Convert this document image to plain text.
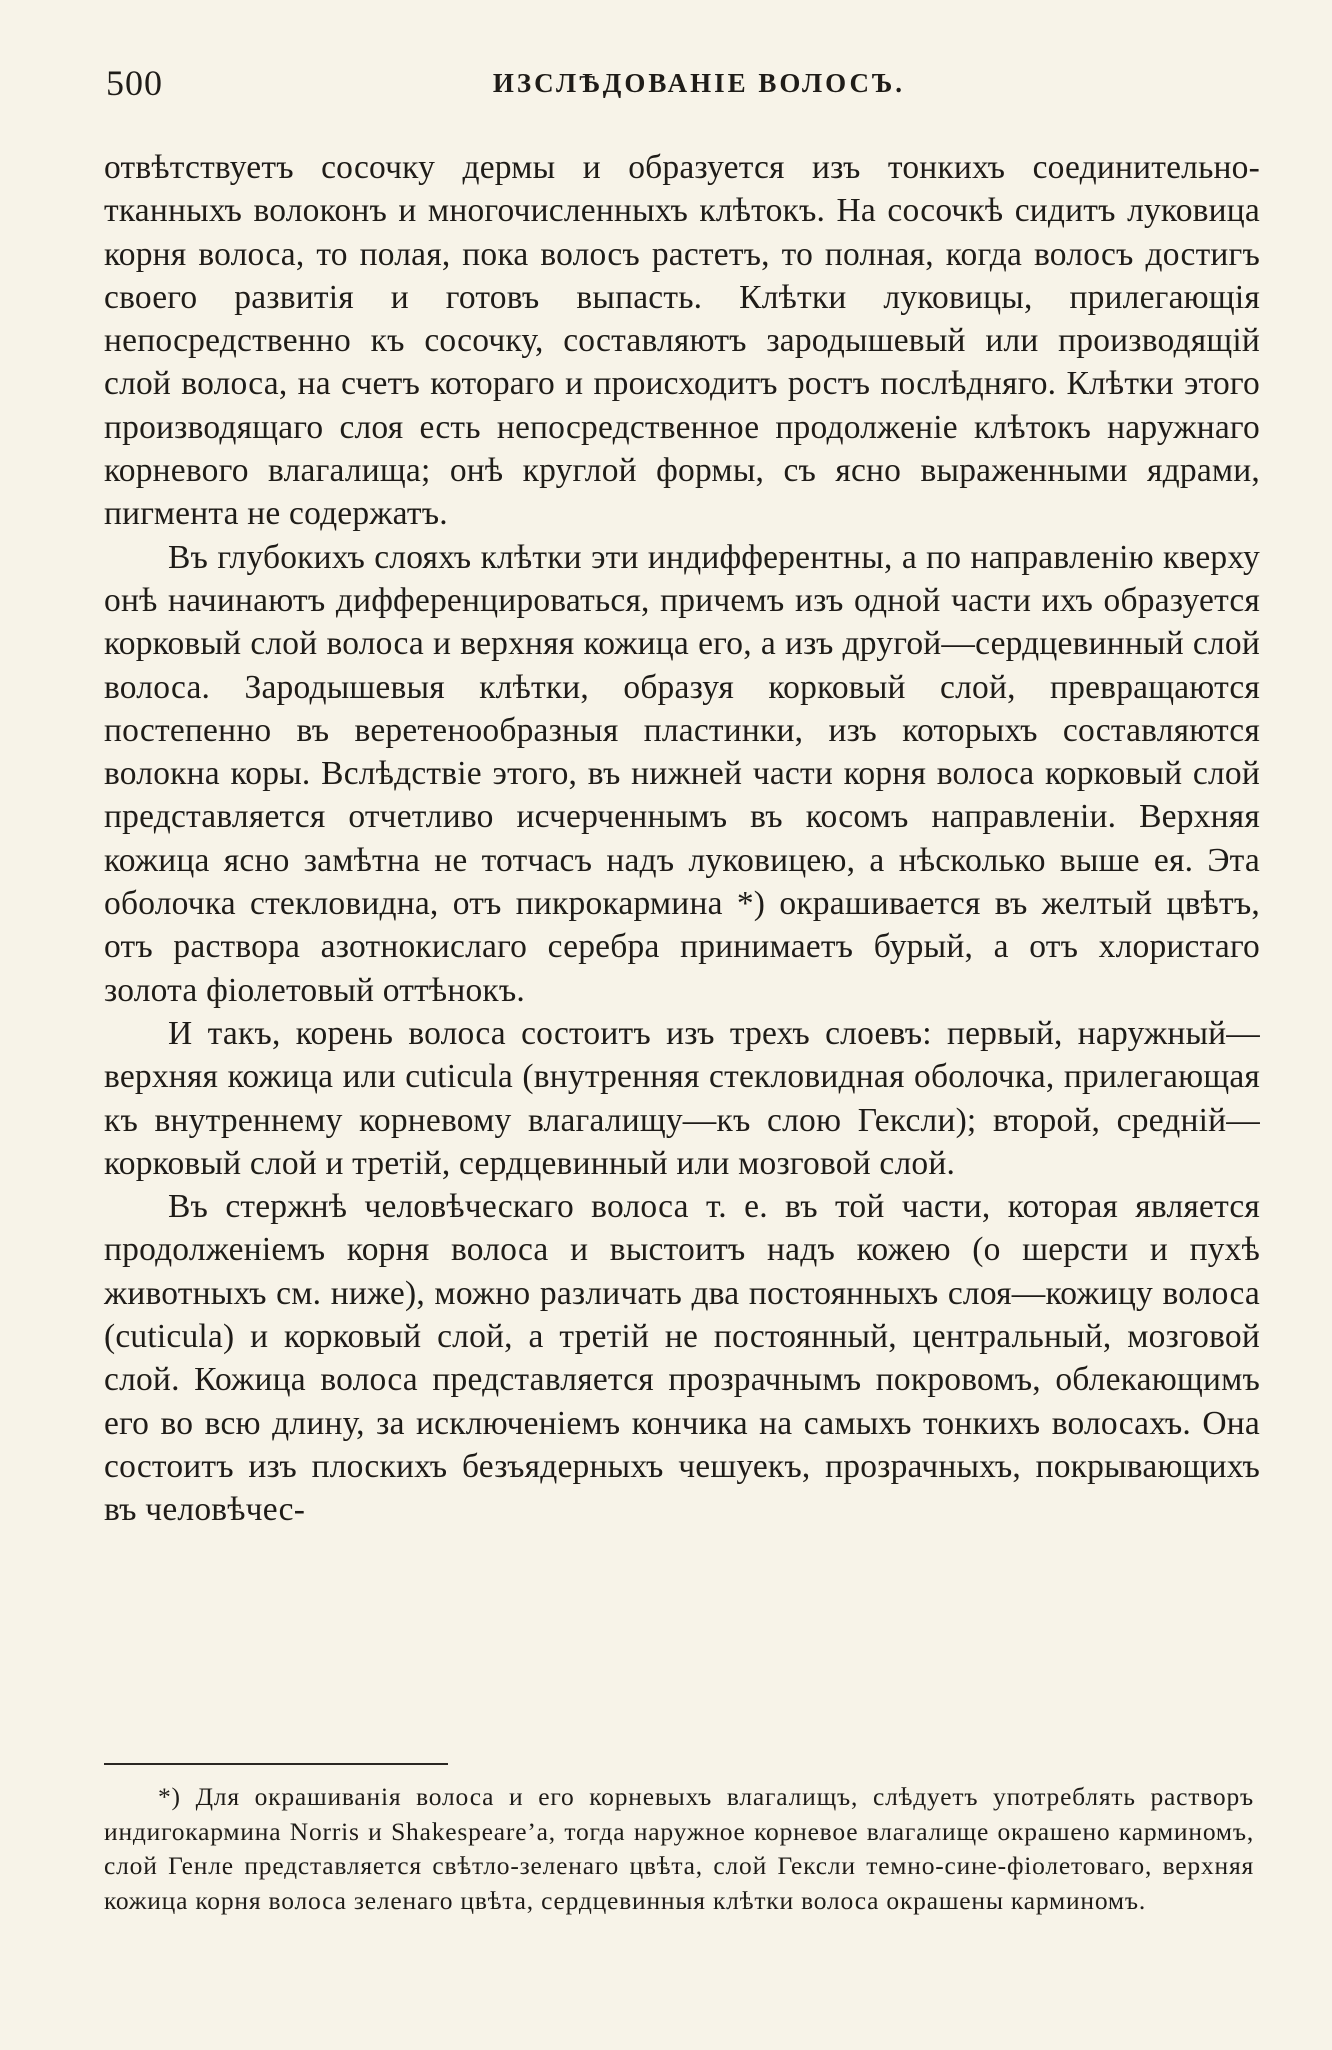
500	ИЗСЛѢДОВАНІЕ ВОЛОСЪ.

отвѣтствуетъ сосочку дермы и образуется изъ тонкихъ соединительно-тканныхъ волоконъ и многочисленныхъ клѣтокъ. На сосочкѣ сидитъ луковица корня волоса, то полая, пока волосъ растетъ, то полная, когда волосъ достигъ своего развитія и готовъ выпасть. Клѣтки луковицы, прилегающія непосредственно къ сосочку, составляютъ зародышевый или производящій слой волоса, на счетъ котораго и происходитъ ростъ послѣдняго. Клѣтки этого производящаго слоя есть непосредственное продолженіе клѣтокъ наружнаго корневого влагалища; онѣ круглой формы, съ ясно выраженными ядрами, пигмента не содержатъ.

Въ глубокихъ слояхъ клѣтки эти индифферентны, а по направленію кверху онѣ начинаютъ дифференцироваться, причемъ изъ одной части ихъ образуется корковый слой волоса и верхняя кожица его, а изъ другой—сердцевинный слой волоса. Зародышевыя клѣтки, образуя корковый слой, превращаются постепенно въ веретенообразныя пластинки, изъ которыхъ составляются волокна коры. Вслѣдствіе этого, въ нижней части корня волоса корковый слой представляется отчетливо исчерченнымъ въ косомъ направленіи. Верхняя кожица ясно замѣтна не тотчасъ надъ луковицею, а нѣсколько выше ея. Эта оболочка стекловидна, отъ пикрокармина *) окрашивается въ желтый цвѣтъ, отъ раствора азотнокислаго серебра принимаетъ бурый, а отъ хлористаго золота фіолетовый оттѣнокъ.

И такъ, корень волоса состоитъ изъ трехъ слоевъ: первый, наружный—верхняя кожица или cuticula (внутренняя стекловидная оболочка, прилегающая къ внутреннему корневому влагалищу—къ слою Гексли); второй, средній—корковый слой и третій, сердцевинный или мозговой слой.

Въ стержнѣ человѣческаго волоса т. е. въ той части, которая является продолженіемъ корня волоса и выстоитъ надъ кожею (о шерсти и пухѣ животныхъ см. ниже), можно различать два постоянныхъ слоя—кожицу волоса (cuticula) и корковый слой, а третій не постоянный, центральный, мозговой слой. Кожица волоса представляется прозрачнымъ покровомъ, облекающимъ его во всю длину, за исключеніемъ кончика на самыхъ тонкихъ волосахъ. Она состоитъ изъ плоскихъ безъядерныхъ чешуекъ, прозрачныхъ, покрывающихъ въ человѣчес-

*) Для окрашиванія волоса и его корневыхъ влагалищъ, слѣдуетъ употреблять растворъ индигокармина Norris и Shakespeare’a, тогда наружное корневое влагалище окрашено карминомъ, слой Генле представляется свѣтло-зеленаго цвѣта, слой Гексли темно-сине-фіолетоваго, верхняя кожица корня волоса зеленаго цвѣта, сердцевинныя клѣтки волоса окрашены карминомъ.
